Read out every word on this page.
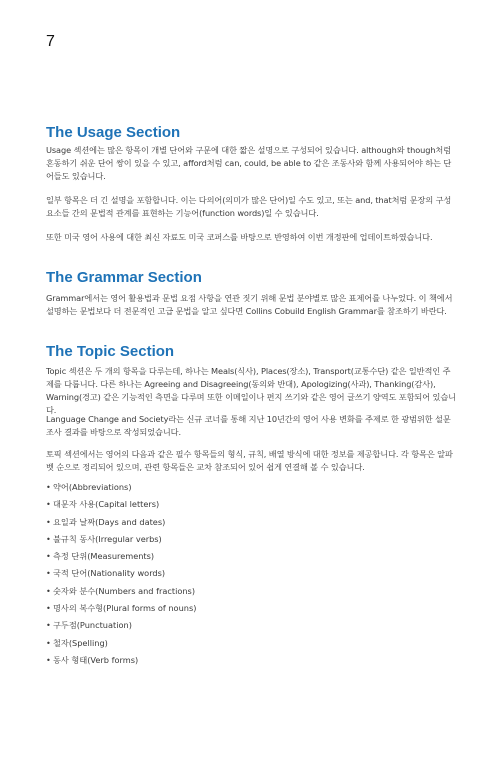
7
The Usage Section

Usage 섹션에는 많은 항목이 개별 단어와 구문에 대한 짧은 설명으로 구성되어 있습니다. although와 though처럼 혼동하기 쉬운 단어 쌍이 있을 수 있고, afford처럼 can, could, be able to 같은 조동사와 함께 사용되어야 하는 단어들도 있습니다.

일부 항목은 더 긴 설명을 포함합니다. 이는 다의어(의미가 많은 단어)일 수도 있고, 또는 and, that처럼 문장의 구성 요소들 간의 문법적 관계를 표현하는 기능어(function words)일 수 있습니다.

또한 미국 영어 사용에 대한 최신 자료도 미국 코퍼스를 바탕으로 반영하여 이번 개정판에 업데이트하였습니다.

The Grammar Section

Grammar에서는 영어 활용법과 문법 요점 사항을 연관 짓기 위해 문법 분야별로 많은 표제어를 나누었다. 이 책에서 설명하는 문법보다 더 전문적인 고급 문법을 알고 싶다면 Collins Cobuild English Grammar를 참조하기 바란다.

The Topic Section

Topic 섹션은 두 개의 항목을 다루는데, 하나는 Meals(식사), Places(장소), Transport(교통수단) 같은 일반적인 주제를 다룹니다. 다른 하나는 Agreeing and Disagreeing(동의와 반대), Apologizing(사과), Thanking(감사), Warning(경고) 같은 기능적인 측면을 다루며 또한 이메일이나 편지 쓰기와 같은 영어 글쓰기 양역도 포함되어 있습니다.

Language Change and Society라는 신규 코너를 통해 지난 10년간의 영어 사용 변화를 주제로 한 광범위한 설문 조사 결과를 바탕으로 작성되었습니다.

토픽 섹션에서는 영어의 다음과 같은 필수 항목들의 형식, 규칙, 배열 방식에 대한 정보를 제공합니다. 각 항목은 알파벳 순으로 정리되어 있으며, 관련 항목들은 교차 참조되어 있어 쉽게 연결해 볼 수 있습니다.

• 약어(Abbreviations)
• 대문자 사용(Capital letters)
• 요일과 날짜(Days and dates)
• 불규칙 동사(Irregular verbs)
• 측정 단위(Measurements)
• 국적 단어(Nationality words)
• 숫자와 분수(Numbers and fractions)
• 명사의 복수형(Plural forms of nouns)
• 구두점(Punctuation)
• 철자(Spelling)
• 동사 형태(Verb forms)
